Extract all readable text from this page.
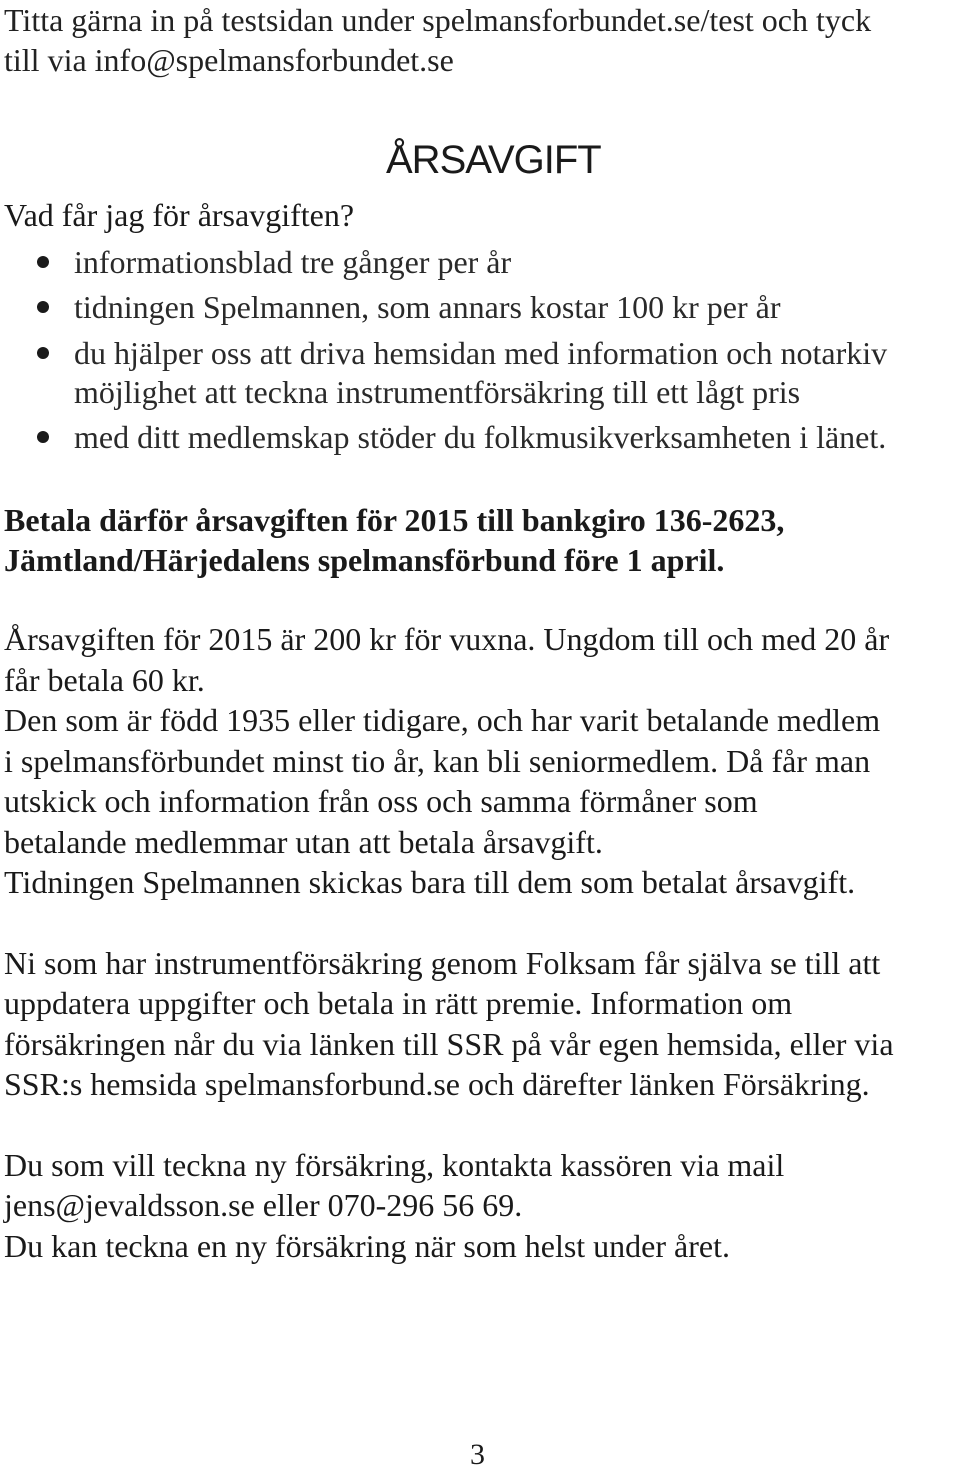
Titta gärna in på testsidan under spelmansforbundet.se/test och tyck

till via info@spelmansforbundet.se

ÅRSAVGIFT

Vad får jag för årsavgiften?

informationsblad tre gånger per år
tidningen Spelmannen, som annars kostar 100 kr per år
du hjälper oss att driva hemsidan med information och notarkiv
möjlighet att teckna instrumentförsäkring till ett lågt pris
med ditt medlemskap stöder du folkmusikverksamheten i länet.

Betala därför årsavgiften för 2015 till bankgiro 136-2623,

Jämtland/Härjedalens spelmansförbund före 1 april.

Årsavgiften för 2015 är 200 kr för vuxna. Ungdom till och med 20 år

får betala 60 kr.

Den som är född 1935 eller tidigare, och har varit betalande medlem

i spelmansförbundet minst tio år, kan bli seniormedlem. Då får man

utskick och information från oss och samma förmåner som

betalande medlemmar utan att betala årsavgift.

Tidningen Spelmannen skickas bara till dem som betalat årsavgift.

Ni som har instrumentförsäkring genom Folksam får själva se till att

uppdatera uppgifter och betala in rätt premie. Information om

försäkringen når du via länken till SSR på vår egen hemsida, eller via

SSR:s hemsida spelmansforbund.se och därefter länken Försäkring.

Du som vill teckna ny försäkring, kontakta kassören via mail

jens@jevaldsson.se eller 070-296 56 69.

Du kan teckna en ny försäkring när som helst under året.

3
